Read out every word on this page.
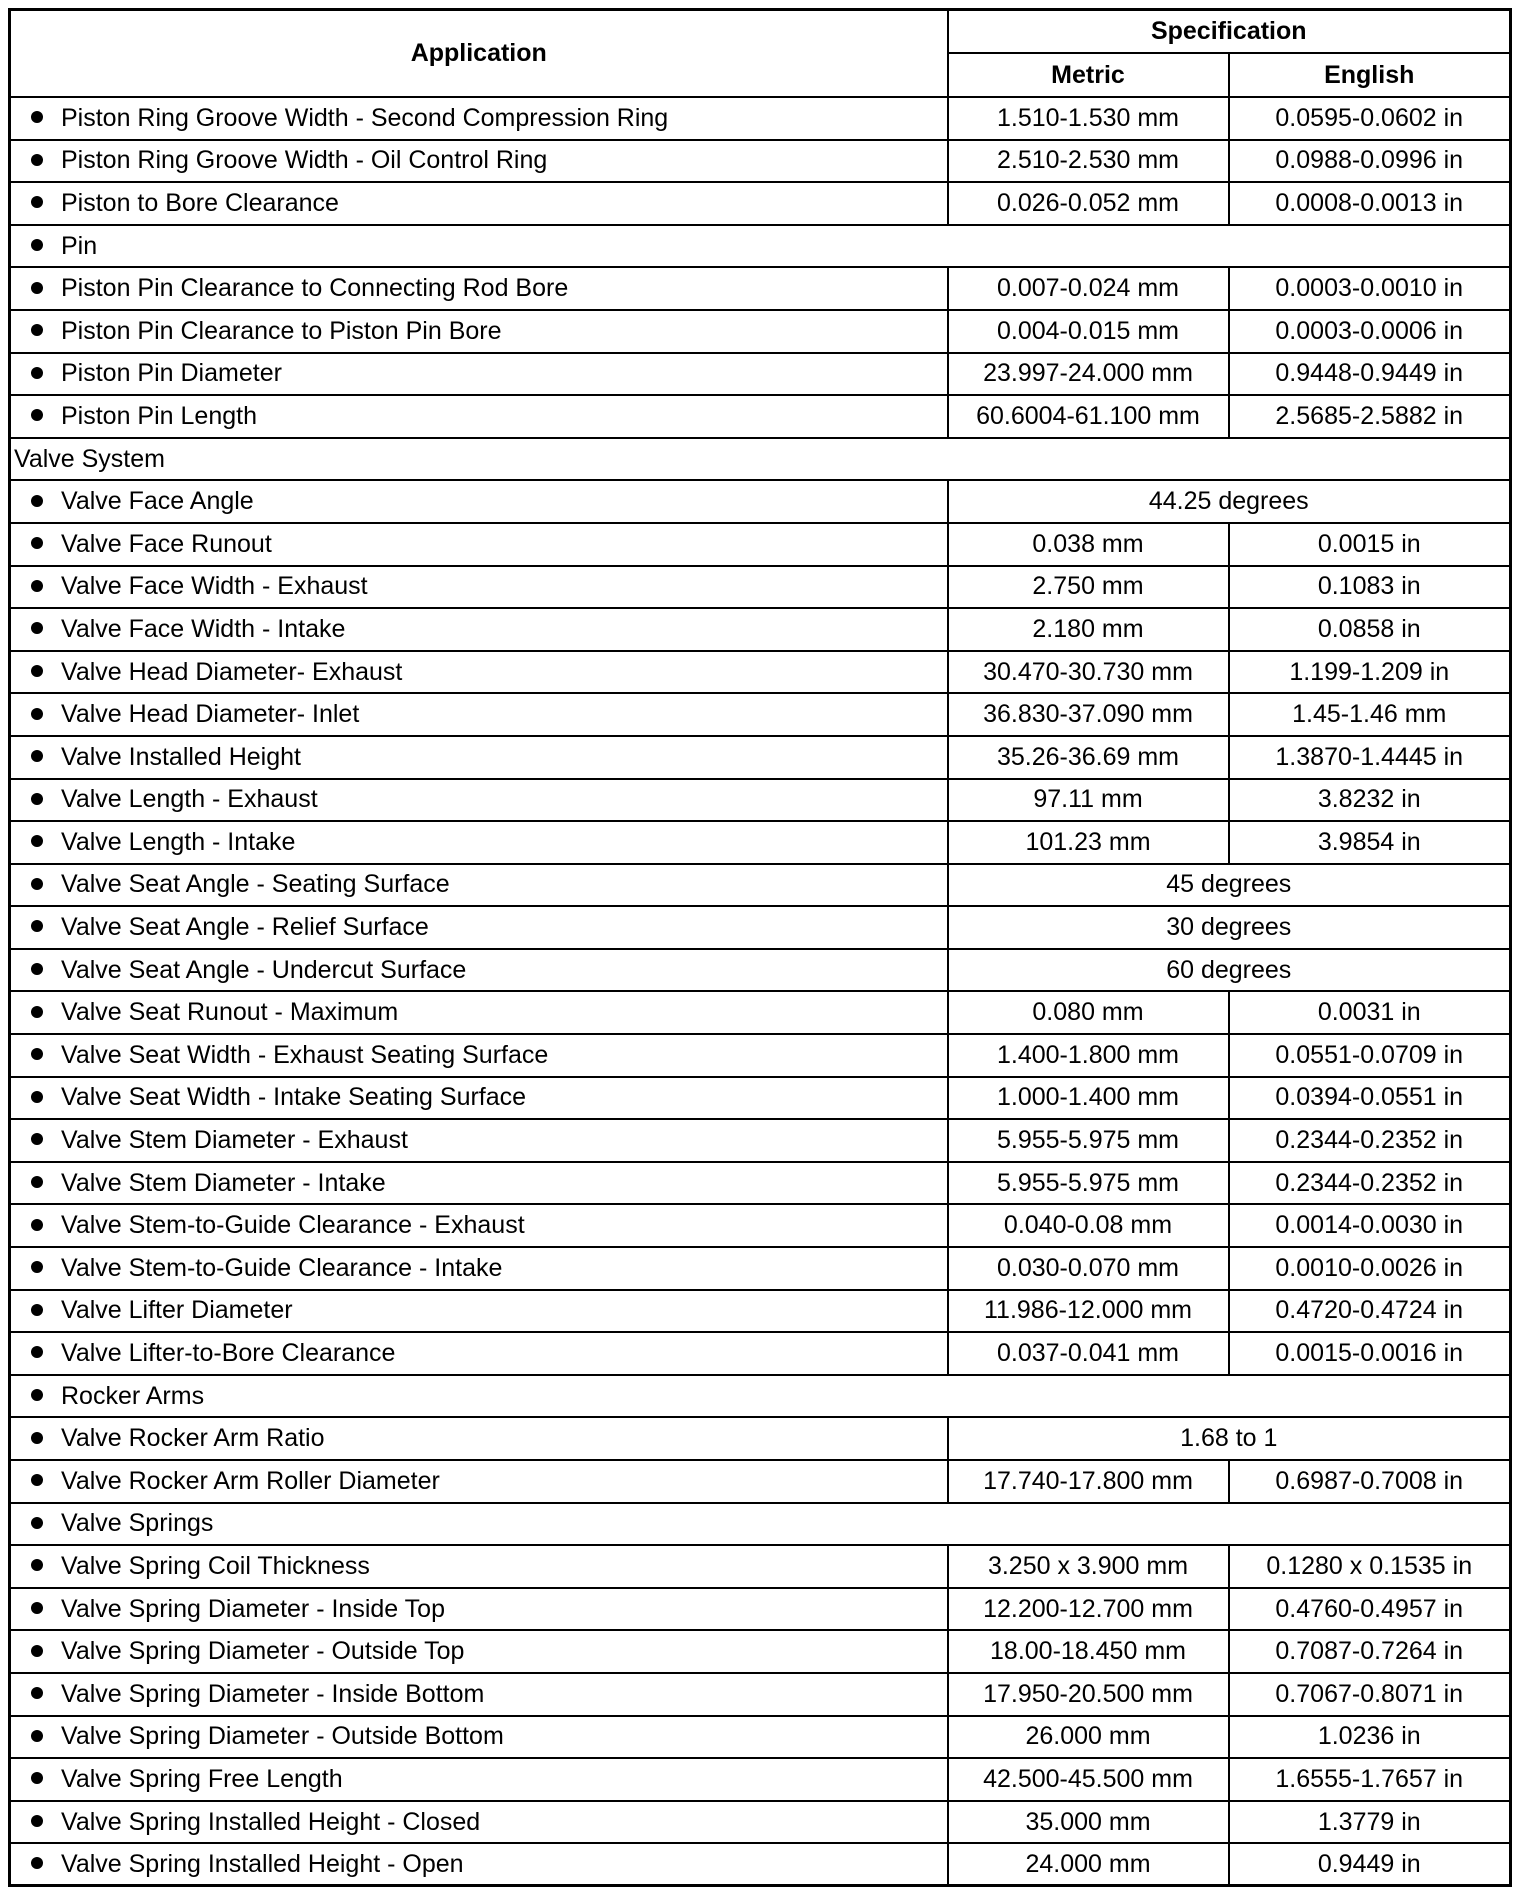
Application	Specification	
	Metric	English
Piston Ring Groove Width - Second Compression Ring	1.510-1.530 mm	0.0595-0.0602 in
Piston Ring Groove Width - Oil Control Ring	2.510-2.530 mm	0.0988-0.0996 in
Piston to Bore Clearance	0.026-0.052 mm	0.0008-0.0013 in
Pin		
Piston Pin Clearance to Connecting Rod Bore	0.007-0.024 mm	0.0003-0.0010 in
Piston Pin Clearance to Piston Pin Bore	0.004-0.015 mm	0.0003-0.0006 in
Piston Pin Diameter	23.997-24.000 mm	0.9448-0.9449 in
Piston Pin Length	60.6004-61.100 mm	2.5685-2.5882 in
Valve System		
Valve Face Angle	44.25 degrees	
Valve Face Runout	0.038 mm	0.0015 in
Valve Face Width - Exhaust	2.750 mm	0.1083 in
Valve Face Width - Intake	2.180 mm	0.0858 in
Valve Head Diameter- Exhaust	30.470-30.730 mm	1.199-1.209 in
Valve Head Diameter- Inlet	36.830-37.090 mm	1.45-1.46 mm
Valve Installed Height	35.26-36.69 mm	1.3870-1.4445 in
Valve Length - Exhaust	97.11 mm	3.8232 in
Valve Length - Intake	101.23 mm	3.9854 in
Valve Seat Angle - Seating Surface	45 degrees	
Valve Seat Angle - Relief Surface	30 degrees	
Valve Seat Angle - Undercut Surface	60 degrees	
Valve Seat Runout - Maximum	0.080 mm	0.0031 in
Valve Seat Width - Exhaust Seating Surface	1.400-1.800 mm	0.0551-0.0709 in
Valve Seat Width - Intake Seating Surface	1.000-1.400 mm	0.0394-0.0551 in
Valve Stem Diameter - Exhaust	5.955-5.975 mm	0.2344-0.2352 in
Valve Stem Diameter - Intake	5.955-5.975 mm	0.2344-0.2352 in
Valve Stem-to-Guide Clearance - Exhaust	0.040-0.08 mm	0.0014-0.0030 in
Valve Stem-to-Guide Clearance - Intake	0.030-0.070 mm	0.0010-0.0026 in
Valve Lifter Diameter	11.986-12.000 mm	0.4720-0.4724 in
Valve Lifter-to-Bore Clearance	0.037-0.041 mm	0.0015-0.0016 in
Rocker Arms		
Valve Rocker Arm Ratio	1.68 to 1	
Valve Rocker Arm Roller Diameter	17.740-17.800 mm	0.6987-0.7008 in
Valve Springs		
Valve Spring Coil Thickness	3.250 x 3.900 mm	0.1280 x 0.1535 in
Valve Spring Diameter - Inside Top	12.200-12.700 mm	0.4760-0.4957 in
Valve Spring Diameter - Outside Top	18.00-18.450 mm	0.7087-0.7264 in
Valve Spring Diameter - Inside Bottom	17.950-20.500 mm	0.7067-0.8071 in
Valve Spring Diameter - Outside Bottom	26.000 mm	1.0236 in
Valve Spring Free Length	42.500-45.500 mm	1.6555-1.7657 in
Valve Spring Installed Height - Closed	35.000 mm	1.3779 in
Valve Spring Installed Height - Open	24.000 mm	0.9449 in
